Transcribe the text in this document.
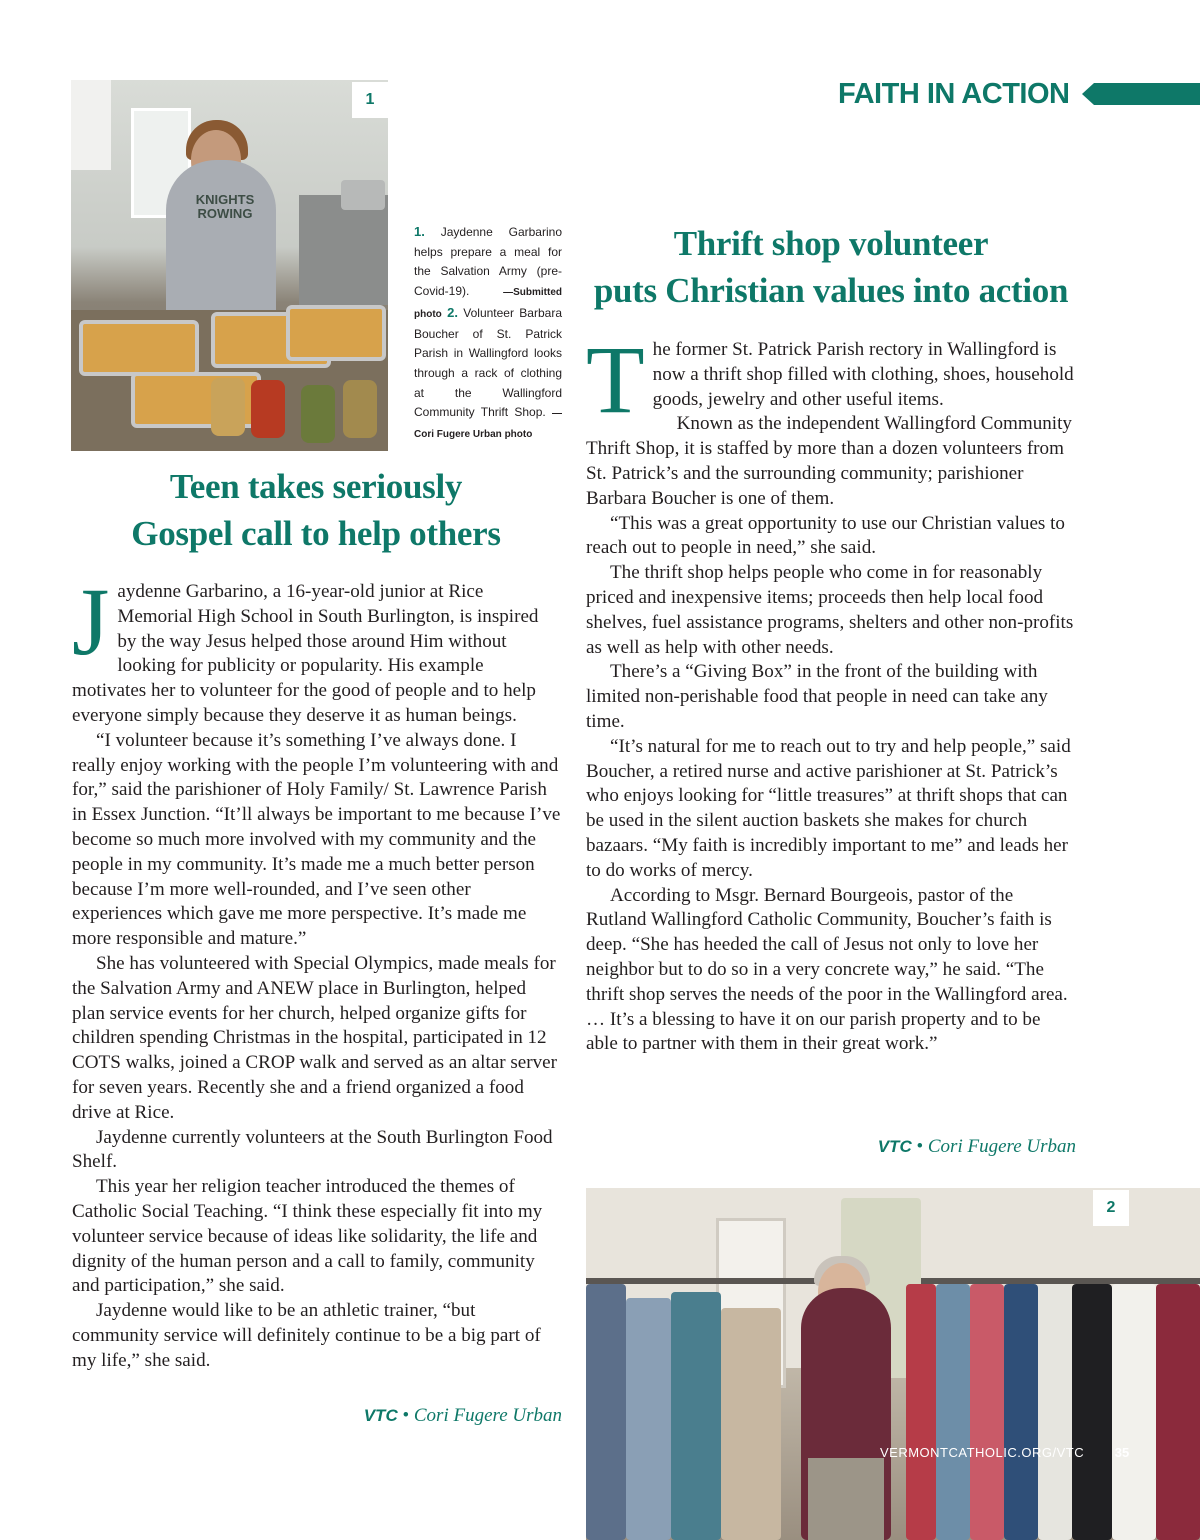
FAITH IN ACTION
KNIGHTS ROWING
1
1. Jaydenne Garbarino helps prepare a meal for the Salvation Army (pre-Covid-19).	—Submitted photo 2. Volunteer Barbara Boucher of St. Patrick Parish in Wallingford looks through a rack of clothing at the Wallingford Community Thrift Shop. —Cori Fugere Urban photo
Teen takes seriously
Gospel call to help others

Jaydenne Garbarino, a 16-year-old junior at Rice Memorial High School in South Burlington, is inspired by the way Jesus helped those around Him without looking for publicity or popularity. His example motivates her to volunteer for the good of people and to help everyone simply because they deserve it as human beings.

“I volunteer because it’s something I’ve always done. I really enjoy working with the people I’m volunteering with and for,” said the parishioner of Holy Family/ St. Lawrence Parish in Essex Junction. “It’ll always be important to me because I’ve become so much more involved with my community and the people in my community. It’s made me a much better person because I’m more well-rounded, and I’ve seen other experiences which gave me more perspective. It’s made me more responsible and mature.”

She has volunteered with Special Olympics, made meals for the Salvation Army and ANEW place in Burlington, helped plan service events for her church, helped organize gifts for children spending Christmas in the hospital, participated in 12 COTS walks, joined a CROP walk and served as an altar server for seven years. Recently she and a friend organized a food drive at Rice.

Jaydenne currently volunteers at the South Burlington Food Shelf.

This year her religion teacher introduced the themes of Catholic Social Teaching. “I think these especially fit into my volunteer service because of ideas like solidarity, the life and dignity of the human person and a call to family, community and participation,” she said.

Jaydenne would like to be an athletic trainer, “but community service will definitely continue to be a big part of my life,” she said.

VTC • Cori Fugere Urban
Thrift shop volunteer
puts Christian values into action

The former St. Patrick Parish rectory in Wallingford is now a thrift shop filled with clothing, shoes, household goods, jewelry and other useful items.

Known as the independent Wallingford Community Thrift Shop, it is staffed by more than a dozen volunteers from St. Patrick’s and the surrounding community; parishioner Barbara Boucher is one of them.

“This was a great opportunity to use our Christian values to reach out to people in need,” she said.

The thrift shop helps people who come in for reasonably priced and inexpensive items; proceeds then help local food shelves, fuel assistance programs, shelters and other non-profits as well as help with other needs.

There’s a “Giving Box” in the front of the building with limited non-perishable food that people in need can take any time.

“It’s natural for me to reach out to try and help people,” said Boucher, a retired nurse and active parishioner at St. Patrick’s who enjoys looking for “little treasures” at thrift shops that can be used in the silent auction baskets she makes for church bazaars. “My faith is incredibly important to me” and leads her to do works of mercy.

According to Msgr. Bernard Bourgeois, pastor of the Rutland Wallingford Catholic Community, Boucher’s faith is deep. “She has heeded the call of Jesus not only to love her neighbor but to do so in a very concrete way,” he said. “The thrift shop serves the needs of the poor in the Wallingford area. … It’s a blessing to have it on our parish property and to be able to partner with them in their great work.”

VTC • Cori Fugere Urban
2
VERMONTCATHOLIC.ORG/VTC	35
